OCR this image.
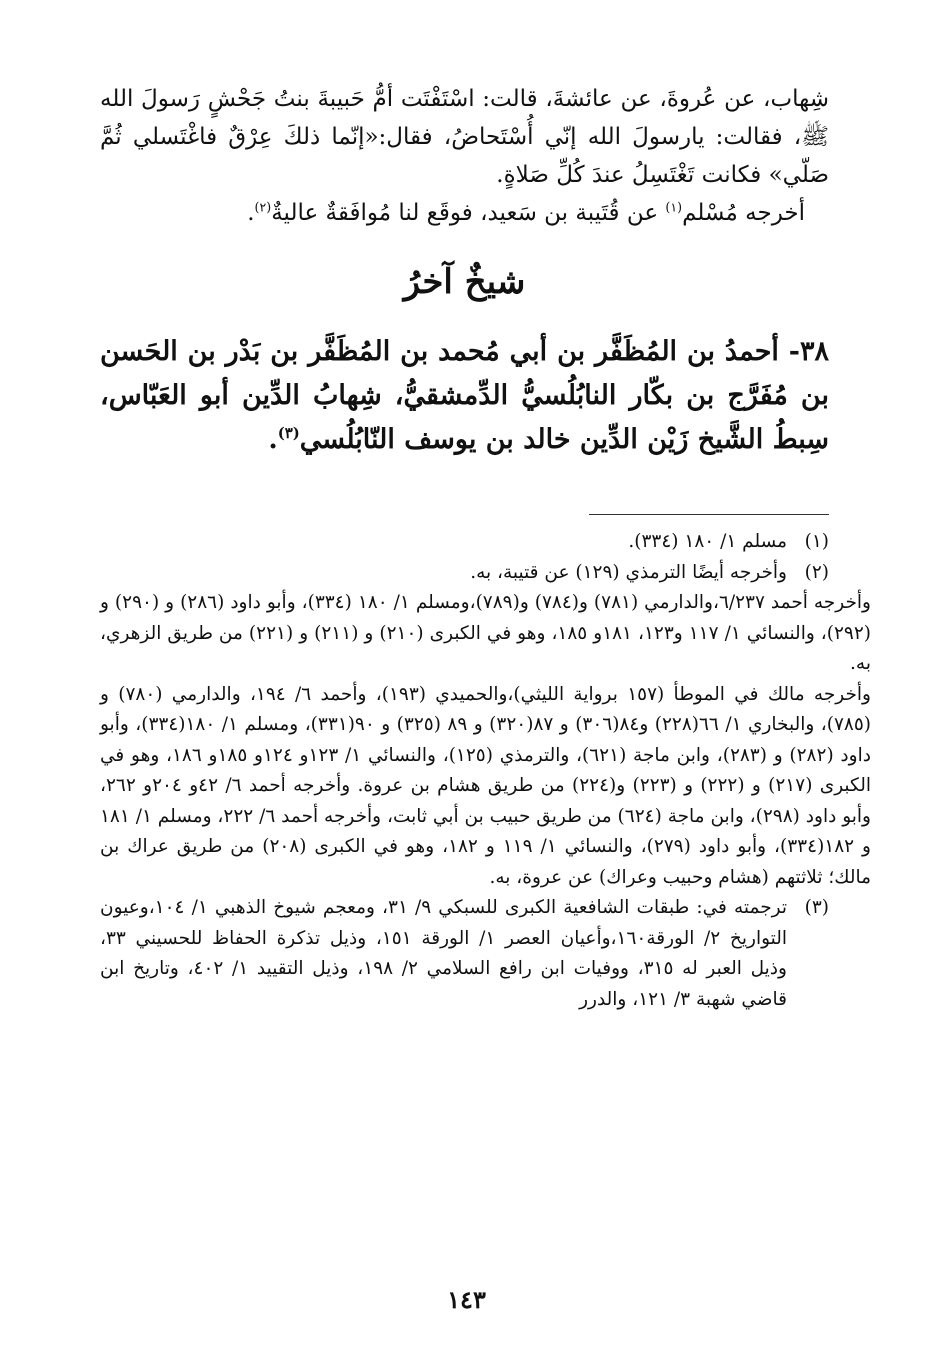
شِهاب، عن عُروةَ، عن عائشةَ، قالت: اسْتَفْتَت أمُّ حَبيبةَ بنتُ جَحْشٍ رَسولَ الله ﷺ، فقالت: يارسولَ الله إنّي أُسْتَحاضُ، فقال:«إنّما ذلكَ عِرْقٌ فاغْتَسلي ثُمَّ صَلّي» فكانت تَغْتَسِلُ عندَ كُلِّ صَلاةٍ.

أخرجه مُسْلم$^{(١)}$ عن قُتَيبة بن سَعيد، فوقَع لنا مُوافَقةٌ عاليةٌ$^{(٢)}$.

شيخٌ آخرُ

٣٨- أحمدُ بن المُظَفَّر بن أبي مُحمد بن المُظَفَّر بن بَدْر بن الحَسن بن مُفَرَّج بن بكّار النابُلُسيُّ الدِّمشقيُّ، شِهابُ الدِّين أبو العَبّاس، سِبطُ الشَّيخ زَيْن الدِّين خالد بن يوسف النّابُلُسي$^{(٣)}$.

(١)

مسلم ١/ ١٨٠ (٣٣٤).

(٢)

وأخرجه أيضًا الترمذي (١٢٩) عن قتيبة، به.

وأخرجه أحمد ٦/٢٣٧،والدارمي (٧٨١) و(٧٨٤) و(٧٨٩)،ومسلم ١/ ١٨٠ (٣٣٤)، وأبو داود (٢٨٦) و (٢٩٠) و (٢٩٢)، والنسائي ١/ ١١٧ و١٢٣، ١٨١و ١٨٥، وهو في الكبرى (٢١٠) و (٢١١) و (٢٢١) من طريق الزهري، به.

وأخرجه مالك في الموطأ (١٥٧ برواية الليثي)،والحميدي (١٩٣)، وأحمد ٦/ ١٩٤، والدارمي (٧٨٠) و (٧٨٥)، والبخاري ١/ ٦٦(٢٢٨) و٨٤(٣٠٦) و ٨٧(٣٢٠) و ٨٩ (٣٢٥) و ٩٠(٣٣١)، ومسلم ١/ ١٨٠(٣٣٤)، وأبو داود (٢٨٢) و (٢٨٣)، وابن ماجة (٦٢١)، والترمذي (١٢٥)، والنسائي ١/ ١٢٣و ١٢٤و ١٨٥و ١٨٦، وهو في الكبرى (٢١٧) و (٢٢٢) و (٢٢٣) و(٢٢٤) من طريق هشام بن عروة. وأخرجه أحمد ٦/ ٤٢و ٢٠٤و ٢٦٢، وأبو داود (٢٩٨)، وابن ماجة (٦٢٤) من طريق حبيب بن أبي ثابت، وأخرجه أحمد ٦/ ٢٢٢، ومسلم ١/ ١٨١ و ١٨٢(٣٣٤)، وأبو داود (٢٧٩)، والنسائي ١/ ١١٩ و ١٨٢، وهو في الكبرى (٢٠٨) من طريق عراك بن مالك؛ ثلاثتهم (هشام وحبيب وعراك) عن عروة، به.

(٣)

ترجمته في: طبقات الشافعية الكبرى للسبكي ٩/ ٣١، ومعجم شيوخ الذهبي ١/ ١٠٤،وعيون التواريخ ٢/ الورقة١٦٠،وأعيان العصر ١/ الورقة ١٥١، وذيل تذكرة الحفاظ للحسيني ٣٣، وذيل العبر له ٣١٥، ووفيات ابن رافع السلامي ٢/ ١٩٨، وذيل التقييد ١/ ٤٠٢، وتاريخ ابن قاضي شهبة ٣/ ١٢١، والدرر

١٤٣
